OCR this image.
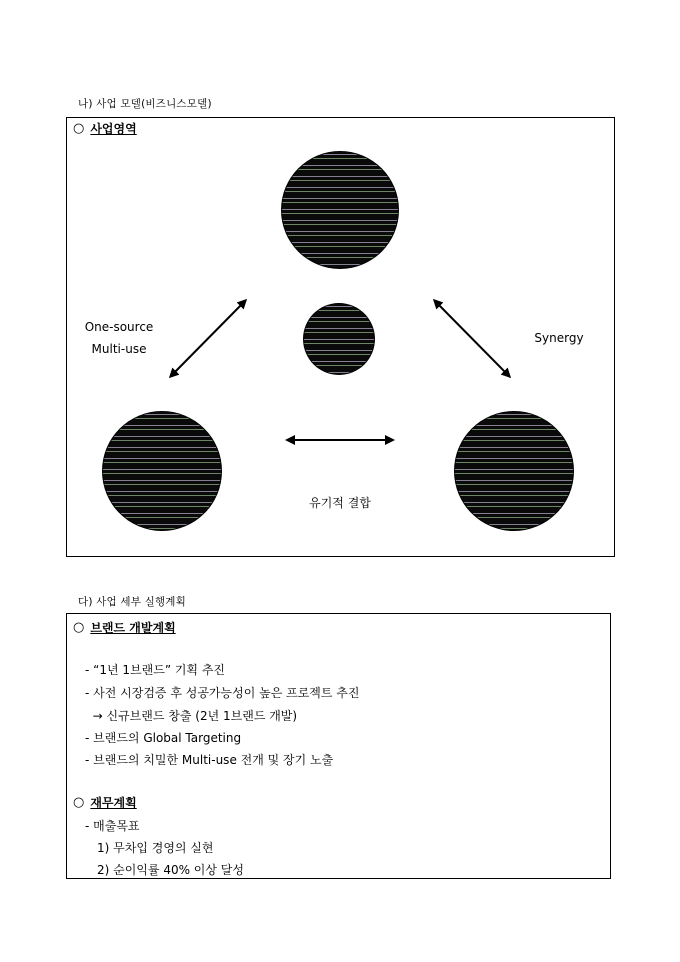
나) 사업 모델(비즈니스모델)
○ 사업영역
One-source
Multi-use
Synergy
유기적 결합
다) 사업 세부 실행계획
○ 브랜드 개발계획
- “1년 1브랜드” 기획 추진
- 사전 시장검증 후 성공가능성이 높은 프로젝트 추진
→ 신규브랜드 창출 (2년 1브랜드 개발)
- 브랜드의 Global Targeting
- 브랜드의 치밀한 Multi-use 전개 및 장기 노출
○ 재무계획
- 매출목표
1) 무차입 경영의 실현
2) 순이익률 40% 이상 달성
